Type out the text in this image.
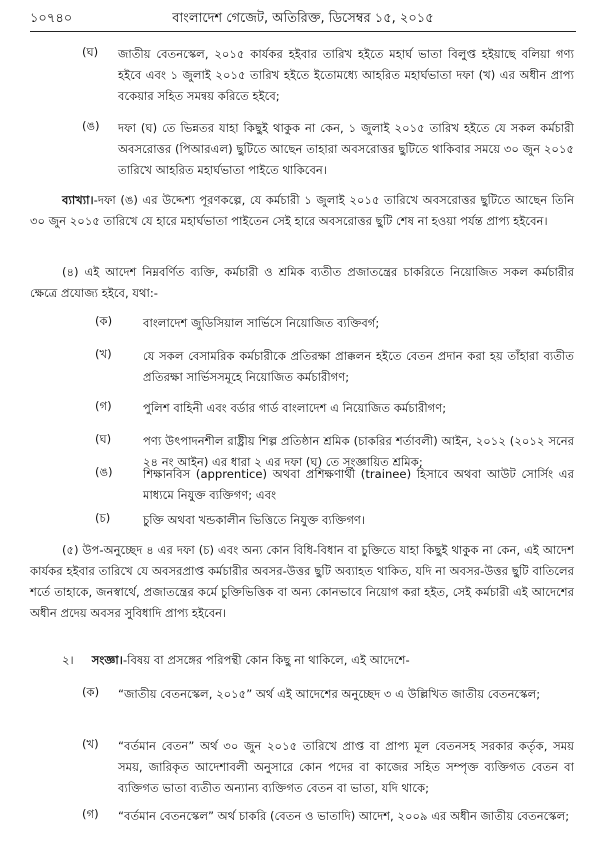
১০৭৪০	বাংলাদেশ গেজেট, অতিরিক্ত, ডিসেম্বর ১৫, ২০১৫
(ঘ) জাতীয় বেতনস্কেল, ২০১৫ কার্যকর হইবার তারিখ হইতে মহার্ঘ ভাতা বিলুপ্ত হইয়াছে বলিয়া গণ্য হইবে এবং ১ জুলাই ২০১৫ তারিখ হইতে ইতোমধ্যে আহরিত মহার্ঘভাতা দফা (খ) এর অধীন প্রাপ্য বকেয়ার সহিত সমন্বয় করিতে হইবে;

(ঙ) দফা (ঘ) তে ভিন্নতর যাহা কিছুই থাকুক না কেন, ১ জুলাই ২০১৫ তারিখ হইতে যে সকল কর্মচারী অবসরোত্তর (পিআরএল) ছুটিতে আছেন তাহারা অবসরোত্তর ছুটিতে থাকিবার সময়ে ৩০ জুন ২০১৫ তারিখে আহরিত মহার্ঘভাতা পাইতে থাকিবেন।

ব্যাখ্যা।-দফা (ঙ) এর উদ্দেশ্য পূরণকল্পে, যে কর্মচারী ১ জুলাই ২০১৫ তারিখে অবসরোত্তর ছুটিতে আছেন তিনি ৩০ জুন ২০১৫ তারিখে যে হারে মহার্ঘভাতা পাইতেন সেই হারে অবসরোত্তর ছুটি শেষ না হওয়া পর্যন্ত প্রাপ্য হইবেন।

(৪) এই আদেশ নিম্নবর্ণিত ব্যক্তি, কর্মচারী ও শ্রমিক ব্যতীত প্রজাতন্ত্রের চাকরিতে নিয়োজিত সকল কর্মচারীর ক্ষেত্রে প্রযোজ্য হইবে, যথা:-

(ক)	বাংলাদেশ জুডিসিয়াল সার্ভিসে নিয়োজিত ব্যক্তিবর্গ;

(খ)	যে সকল বেসামরিক কর্মচারীকে প্রতিরক্ষা প্রাক্কলন হইতে বেতন প্রদান করা হয় তাঁহারা ব্যতীত প্রতিরক্ষা সার্ভিসসমূহে নিয়োজিত কর্মচারীগণ;

(গ)	পুলিশ বাহিনী এবং বর্ডার গার্ড বাংলাদেশ এ নিয়োজিত কর্মচারীগণ;

(ঘ)	পণ্য উৎপাদনশীল রাষ্ট্রীয় শিল্প প্রতিষ্ঠান শ্রমিক (চাকরির শর্তাবলী) আইন, ২০১২ (২০১২ সনের ২৪ নং আইন) এর ধারা ২ এর দফা (ঘ) তে সংজ্ঞায়িত শ্রমিক;

(ঙ)	শিক্ষানবিস (apprentice) অথবা প্রশিক্ষণার্থী (trainee) হিসাবে অথবা আউট সোর্সিং এর মাধ্যমে নিযুক্ত ব্যক্তিগণ; এবং

(চ)	চুক্তি অথবা খন্ডকালীন ভিত্তিতে নিযুক্ত ব্যক্তিগণ।

(৫) উপ-অনুচ্ছেদ ৪ এর দফা (চ) এবং অন্য কোন বিধি-বিধান বা চুক্তিতে যাহা কিছুই থাকুক না কেন, এই আদেশ কার্যকর হইবার তারিখে যে অবসরপ্রাপ্ত কর্মচারীর অবসর-উত্তর ছুটি অব্যাহত থাকিত, যদি না অবসর-উত্তর ছুটি বাতিলের শর্তে তাহাকে, জনস্বার্থে, প্রজাতন্ত্রের কর্মে চুক্তিভিত্তিক বা অন্য কোনভাবে নিয়োগ করা হইত, সেই কর্মচারী এই আদেশের অধীন প্রদেয় অবসর সুবিধাদি প্রাপ্য হইবেন।

২। সংজ্ঞা।-বিষয় বা প্রসঙ্গের পরিপন্থী কোন কিছু না থাকিলে, এই আদেশে-

(ক) “জাতীয় বেতনস্কেল, ২০১৫” অর্থ এই আদেশের অনুচ্ছেদ ৩ এ উল্লিখিত জাতীয় বেতনস্কেল;

(খ) “বর্তমান বেতন” অর্থ ৩০ জুন ২০১৫ তারিখে প্রাপ্ত বা প্রাপ্য মূল বেতনসহ সরকার কর্তৃক, সময় সময়, জারিকৃত আদেশাবলী অনুসারে কোন পদের বা কাজের সহিত সম্পৃক্ত ব্যক্তিগত বেতন বা ব্যক্তিগত ভাতা ব্যতীত অন্যান্য ব্যক্তিগত বেতন বা ভাতা, যদি থাকে;

(গ) “বর্তমান বেতনস্কেল” অর্থ চাকরি (বেতন ও ভাতাদি) আদেশ, ২০০৯ এর অধীন জাতীয় বেতনস্কেল;
